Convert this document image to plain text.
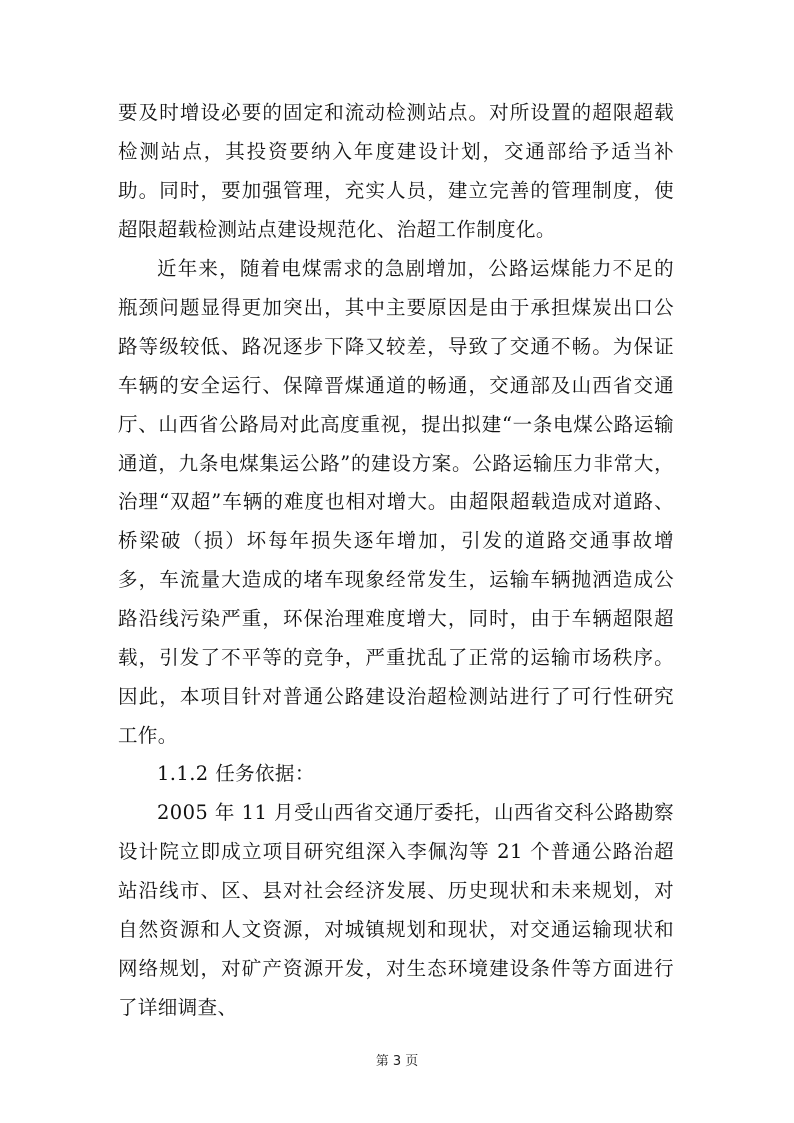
要及时增设必要的固定和流动检测站点。对所设置的超限超载检测站点，其投资要纳入年度建设计划，交通部给予适当补助。同时，要加强管理，充实人员，建立完善的管理制度，使超限超载检测站点建设规范化、治超工作制度化。

近年来，随着电煤需求的急剧增加，公路运煤能力不足的瓶颈问题显得更加突出，其中主要原因是由于承担煤炭出口公路等级较低、路况逐步下降又较差，导致了交通不畅。为保证车辆的安全运行、保障晋煤通道的畅通，交通部及山西省交通厅、山西省公路局对此高度重视，提出拟建“一条电煤公路运输通道，九条电煤集运公路”的建设方案。公路运输压力非常大，治理“双超”车辆的难度也相对增大。由超限超载造成对道路、桥梁破（损）坏每年损失逐年增加，引发的道路交通事故增多，车流量大造成的堵车现象经常发生，运输车辆抛洒造成公路沿线污染严重，环保治理难度增大，同时，由于车辆超限超载，引发了不平等的竞争，严重扰乱了正常的运输市场秩序。因此，本项目针对普通公路建设治超检测站进行了可行性研究工作。

1.1.2 任务依据：

2005 年 11 月受山西省交通厅委托，山西省交科公路勘察设计院立即成立项目研究组深入李佩沟等 21 个普通公路治超站沿线市、区、县对社会经济发展、历史现状和未来规划，对自然资源和人文资源，对城镇规划和现状，对交通运输现状和网络规划，对矿产资源开发，对生态环境建设条件等方面进行了详细调查、

第 3 页
